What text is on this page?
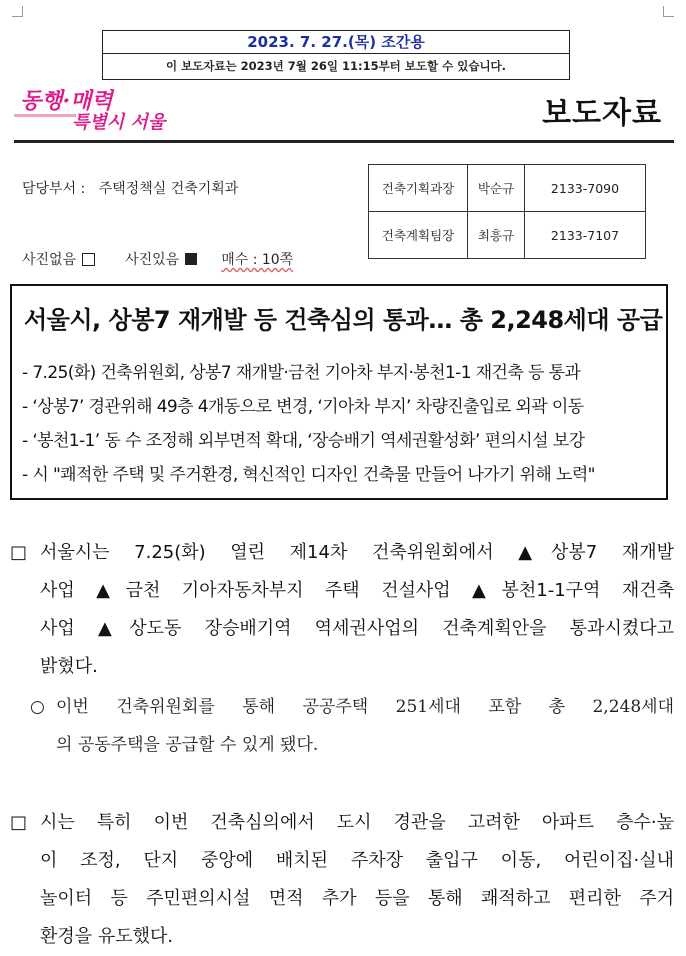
2023. 7. 27.(목) 조간용
이 보도자료는 2023년 7월 26일 11:15부터 보도할 수 있습니다.
동행·매력
특별시 서울	보도자료
담당부서 : 주택정책실 건축기획과
사진없음	사진있음	매수 : 10쪽
건축기획과장	박순규	2133-7090
건축계획팀장	최흥규	2133-7107
서울시, 상봉7 재개발 등 건축심의 통과… 총 2,248세대 공급
- 7.25(화) 건축위원회, 상봉7 재개발·금천 기아차 부지·봉천1-1 재건축 등 통과
- ‘상봉7’ 경관위해 49층 4개동으로 변경, ‘기아차 부지’ 차량진출입로 외곽 이동
- ‘봉천1-1’ 동 수 조정해 외부면적 확대, ‘장승배기 역세권활성화’ 편의시설 보강
- 시 "쾌적한 주택 및 주거환경, 혁신적인 디자인 건축물 만들어 나가기 위해 노력"
□ 서울시는 7.25(화) 열린 제14차 건축위원회에서 ▲상봉7 재개발
사업 ▲금천 기아자동차부지 주택 건설사업 ▲봉천1-1구역 재건축
사업 ▲상도동 장승배기역 역세권사업의 건축계획안을 통과시켰다고
밝혔다.
○ 이번 건축위원회를 통해 공공주택 251세대 포함 총 2,248세대
의 공동주택을 공급할 수 있게 됐다.
□ 시는 특히 이번 건축심의에서 도시 경관을 고려한 아파트 층수·높
이 조정, 단지 중앙에 배치된 주차장 출입구 이동, 어린이집·실내
놀이터 등 주민편의시설 면적 추가 등을 통해 쾌적하고 편리한 주거
환경을 유도했다.
